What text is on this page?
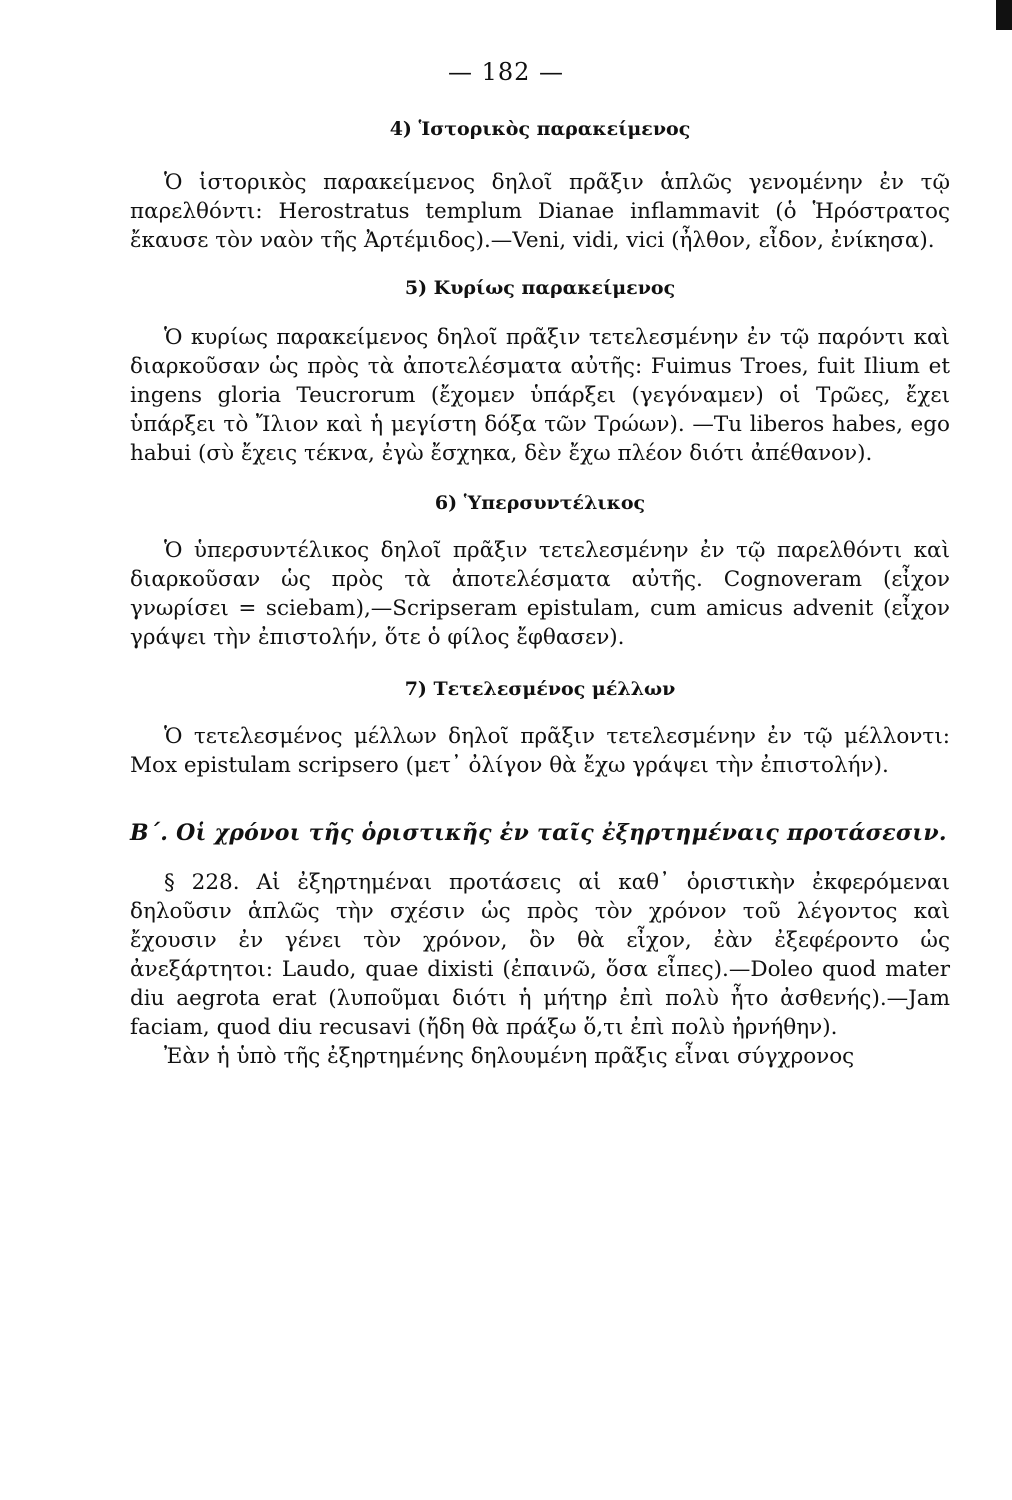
— 182 —

4) Ἱστορικὸς παρακείμενος

Ὁ ἱστορικὸς παρακείμενος δηλοῖ πρᾶξιν ἁπλῶς γενομένην ἐν τῷ παρελθόντι: Herostratus templum Dianae inflammavit (ὁ Ἡρόστρατος ἔκαυσε τὸν ναὸν τῆς Ἀρτέμιδος).—Veni, vidi, vici (ἦλθον, εἶδον, ἐνίκησα).

5) Κυρίως παρακείμενος

Ὁ κυρίως παρακείμενος δηλοῖ πρᾶξιν τετελεσμένην ἐν τῷ παρόντι καὶ διαρκοῦσαν ὡς πρὸς τὰ ἀποτελέσματα αὐτῆς: Fuimus Troes, fuit Ilium et ingens gloria Teucrorum (ἔχομεν ὑπάρξει (γεγόναμεν) οἱ Τρῶες, ἔχει ὑπάρξει τὸ Ἴλιον καὶ ἡ μεγίστη δόξα τῶν Τρώων). —Tu liberos habes, ego habui (σὺ ἔχεις τέκνα, ἐγὼ ἔσχηκα, δὲν ἔχω πλέον διότι ἀπέθανον).

6) Ὑπερσυντέλικος

Ὁ ὑπερσυντέλικος δηλοῖ πρᾶξιν τετελεσμένην ἐν τῷ παρελθόντι καὶ διαρκοῦσαν ὡς πρὸς τὰ ἀποτελέσματα αὐτῆς. Cognoveram (εἶχον γνωρίσει = sciebam),—Scripseram epistulam, cum amicus advenit (εἶχον γράψει τὴν ἐπιστολήν, ὅτε ὁ φίλος ἔφθασεν).

7) Τετελεσμένος μέλλων

Ὁ τετελεσμένος μέλλων δηλοῖ πρᾶξιν τετελεσμένην ἐν τῷ μέλλοντι: Mox epistulam scripsero (μετ᾽ ὀλίγον θὰ ἔχω γράψει τὴν ἐπιστολήν).

Β΄. Οἱ χρόνοι τῆς ὁριστικῆς ἐν ταῖς ἐξηρτημέναις προτάσεσιν.

§ 228. Αἱ ἐξηρτημέναι προτάσεις αἱ καθ᾽ ὁριστικὴν ἐκφερόμεναι δηλοῦσιν ἁπλῶς τὴν σχέσιν ὡς πρὸς τὸν χρόνον τοῦ λέγοντος καὶ ἔχουσιν ἐν γένει τὸν χρόνον, ὃν θὰ εἶχον, ἐὰν ἐξεφέροντο ὡς ἀνεξάρτητοι: Laudo, quae dixisti (ἐπαινῶ, ὅσα εἶπες).—Doleo quod mater diu aegrota erat (λυποῦμαι διότι ἡ μήτηρ ἐπὶ πολὺ ἦτο ἀσθενής).—Jam faciam, quod diu recusavi (ἤδη θὰ πράξω ὅ,τι ἐπὶ πολὺ ἠρνήθην).

Ἐὰν ἡ ὑπὸ τῆς ἐξηρτημένης δηλουμένη πρᾶξις εἶναι σύγχρονος
